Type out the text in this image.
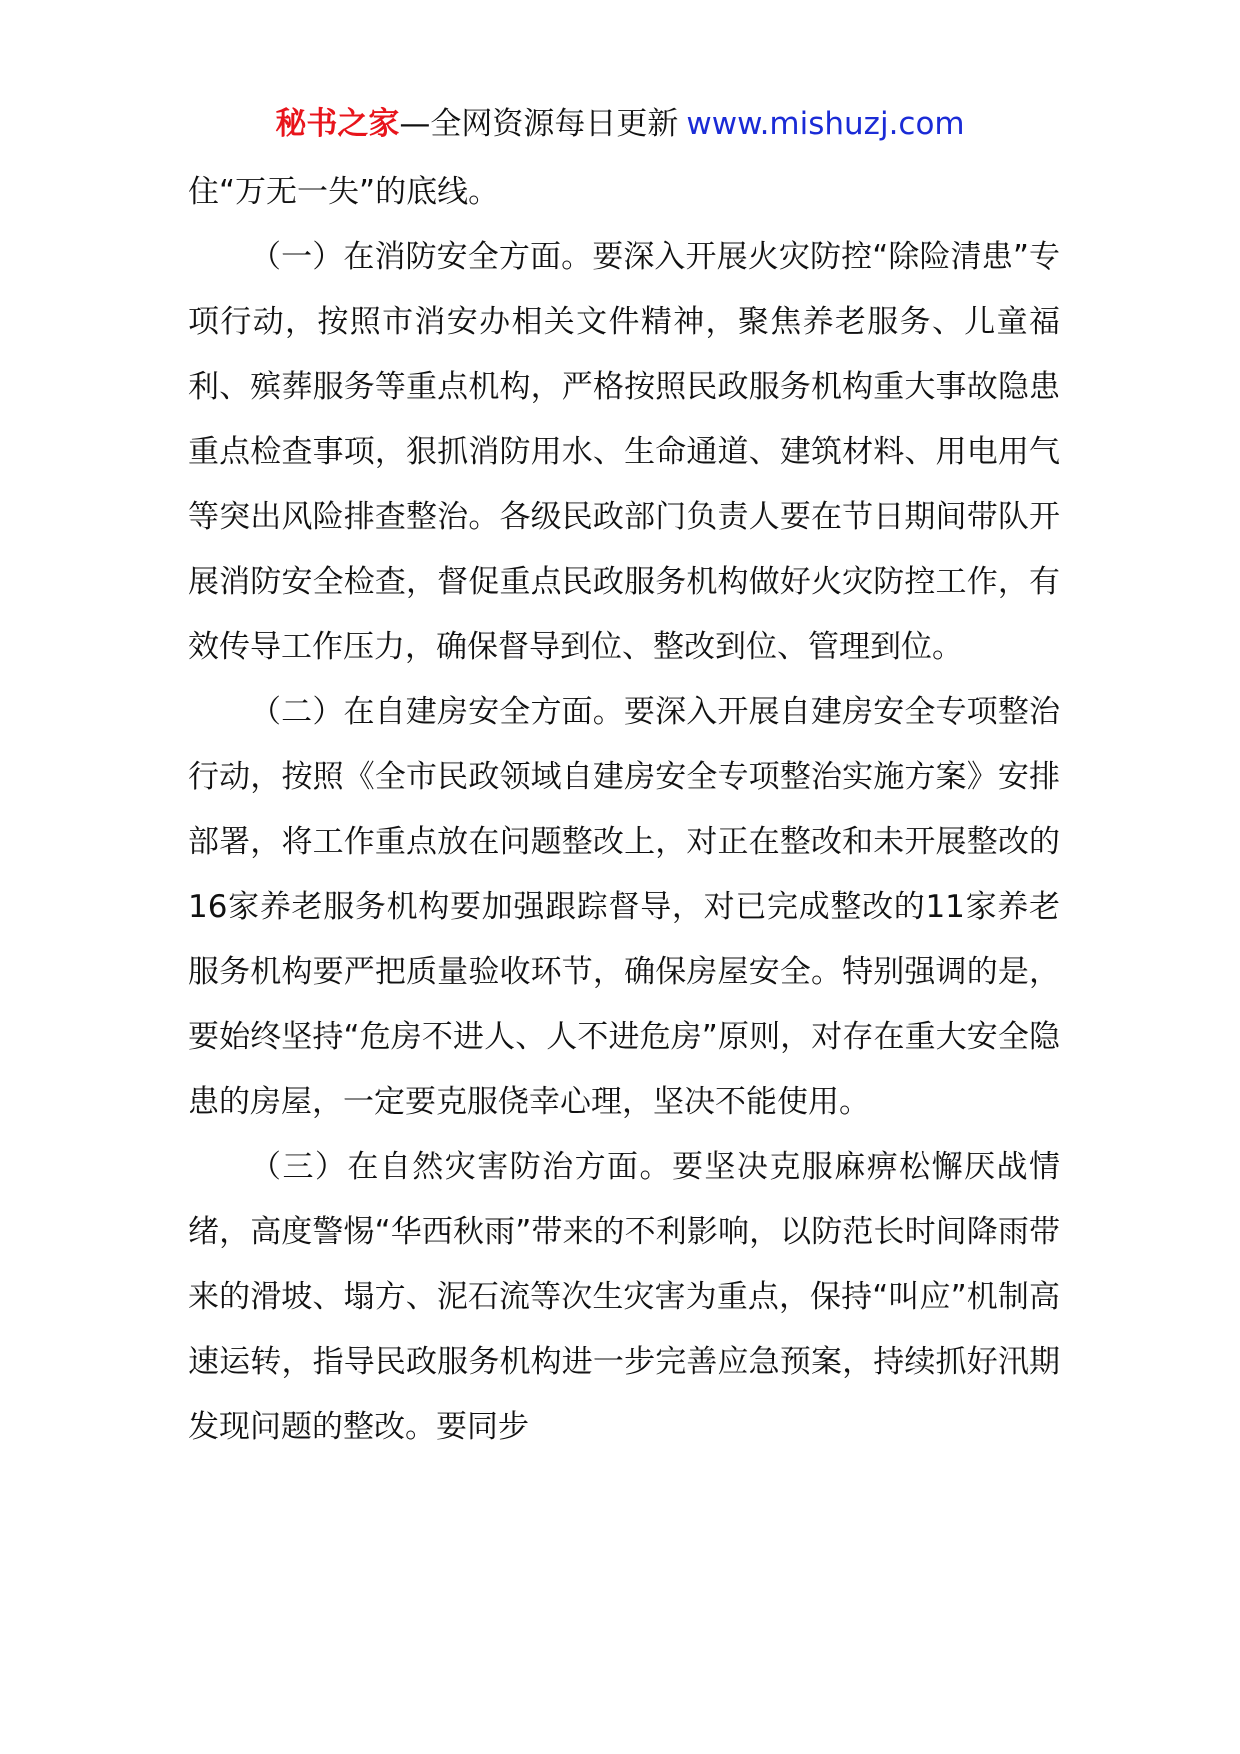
秘书之家—全网资源每日更新 www.mishuzj.com

住“万无一失”的底线。

（一）在消防安全方面。要深入开展火灾防控“除险清患”专项行动，按照市消安办相关文件精神，聚焦养老服务、儿童福利、殡葬服务等重点机构，严格按照民政服务机构重大事故隐患重点检查事项，狠抓消防用水、生命通道、建筑材料、用电用气等突出风险排查整治。各级民政部门负责人要在节日期间带队开展消防安全检查，督促重点民政服务机构做好火灾防控工作，有效传导工作压力，确保督导到位、整改到位、管理到位。

（二）在自建房安全方面。要深入开展自建房安全专项整治行动，按照《全市民政领域自建房安全专项整治实施方案》安排部署，将工作重点放在问题整改上，对正在整改和未开展整改的16家养老服务机构要加强跟踪督导，对已完成整改的11家养老服务机构要严把质量验收环节，确保房屋安全。特别强调的是，要始终坚持“危房不进人、人不进危房”原则，对存在重大安全隐患的房屋，一定要克服侥幸心理，坚决不能使用。

（三）在自然灾害防治方面。要坚决克服麻痹松懈厌战情绪，高度警惕“华西秋雨”带来的不利影响，以防范长时间降雨带来的滑坡、塌方、泥石流等次生灾害为重点，保持“叫应”机制高速运转，指导民政服务机构进一步完善应急预案，持续抓好汛期发现问题的整改。要同步
